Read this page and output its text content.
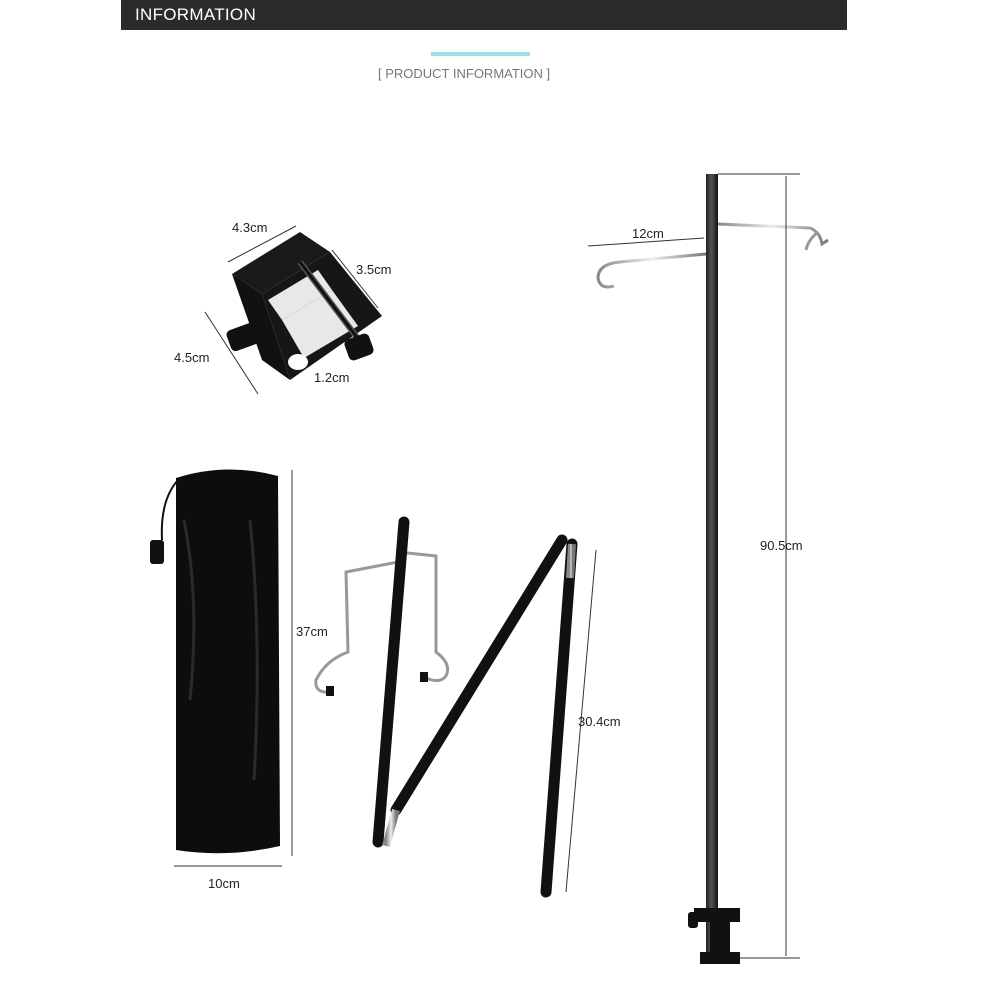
INFORMATION
[ PRODUCT INFORMATION ]
4.3cm
3.5cm
4.5cm
1.2cm
37cm
10cm
30.4cm
12cm
90.5cm
